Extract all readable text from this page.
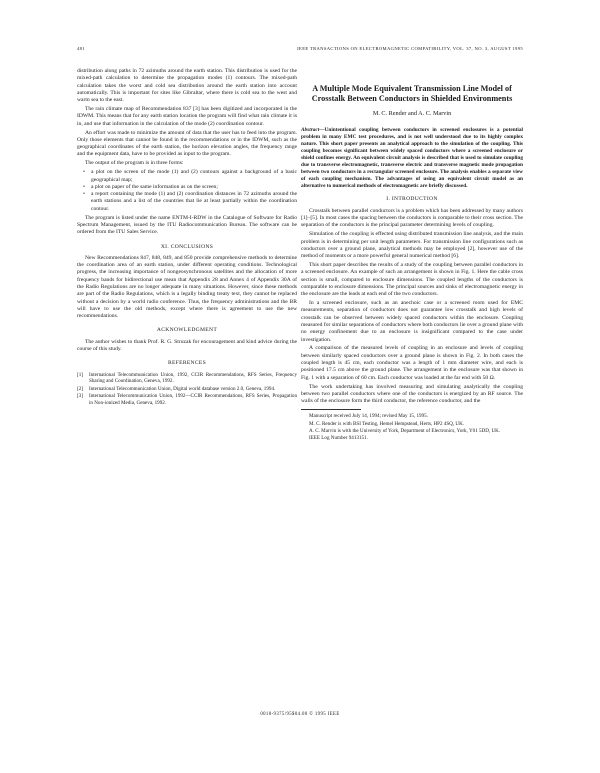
481	IEEE TRANSACTIONS ON ELECTROMAGNETIC COMPATIBILITY, VOL. 37, NO. 3, AUGUST 1995

distribution along paths in 72 azimuths around the earth station. This distribution is used for the mixed-path calculation to determine the propagation modes (1) contours. The mixed-path calculation takes the worst and cold sea distribution around the earth station into account automatically. This is important for sites like Gibraltar, where there is cold sea to the west and warm sea to the east.

The rain climate map of Recommendation 837 [3] has been digitized and incorporated in the IDWM. This means that for any earth station location the program will find what rain climate it is in, and use that information in the calculation of the mode (2) coordination contour.

An effort was made to minimize the amount of data that the user has to feed into the program. Only those elements that cannot be found in the recommendations or in the IDWM, such as the geographical coordinates of the earth station, the horizon elevation angles, the frequency range and the equipment data, have to be provided as input to the program.

The output of the program is in three forms:

• a plot on the screen of the mode (1) and (2) contours against a background of a basic geographical map;
• a plot on paper of the same information as on the screen;
• a report containing the mode (1) and (2) coordination distances in 72 azimuths around the earth stations and a list of the countries that lie at least partially within the coordination contour.

The program is listed under the name ENTM-I-RDW in the Catalogue of Software for Radio Spectrum Management, issued by the ITU Radiocommunication Bureau. The software can be ordered from the ITU Sales Service.

XI. CONCLUSIONS

New Recommendations 847, 848, 849, and 850 provide comprehensive methods to determine the coordination area of an earth station, under different operating conditions. Technological progress, the increasing importance of nongeosynchronous satellites and the allocation of more frequency bands for bidirectional use mean that Appendix 28 and Annex 4 of Appendix 30A of the Radio Regulations are no longer adequate in many situations. However, since these methods are part of the Radio Regulations, which is a legally binding treaty text, they cannot be replaced without a decision by a world radio conference. Thus, the frequency administrations and the BR will have to use the old methods, except where there is agreement to use the new recommendations.

ACKNOWLEDGMENT

The author wishes to thank Prof. R. G. Struzak for encouragement and kind advice during the course of this study.

REFERENCES
[1]	International Telecommunication Union, 1992, CCIR Recommendations, RFS Series, Frequency Sharing and Coordination, Geneva, 1992.
[2]	International Telecommunication Union, Digital world database version 2.0, Geneva, 1994.
[3]	International Telecommunication Union, 1992—CCIR Recommendations, RFS Series, Propagation in Non-ionized Media, Geneva, 1992.
A Multiple Mode Equivalent Transmission Line Model of Crosstalk Between Conductors in Shielded Environments
M. C. Render and A. C. Marvin
Abstract—Unintentional coupling between conductors in screened enclosures is a potential problem in many EMC test procedures, and is not well understood due to its highly complex nature. This short paper presents an analytical approach to the simulation of the coupling. This coupling becomes significant between widely spaced conductors where a screened enclosure or shield confines energy. An equivalent circuit analysis is described that is used to simulate coupling due to transverse electromagnetic, transverse electric and transverse magnetic mode propagation between two conductors in a rectangular screened enclosure. The analysis enables a separate view of each coupling mechanism. The advantages of using an equivalent circuit model as an alternative to numerical methods of electromagnetic are briefly discussed.
I. INTRODUCTION

Crosstalk between parallel conductors is a problem which has been addressed by many authors [1]–[5]. In most cases the spacing between the conductors is comparable to their cross section. The separation of the conductors is the principal parameter determining levels of coupling.

Simulation of the coupling is effected using distributed transmission line analysis, and the main problem is in determining per unit length parameters. For transmission line configurations such as conductors over a ground plane, analytical methods may be employed [2], however use of the method of moments or a more powerful general numerical method [6].

This short paper describes the results of a study of the coupling between parallel conductors in a screened enclosure. An example of such an arrangement is shown in Fig. 1. Here the cable cross section is small, compared to enclosure dimensions. The coupled lengths of the conductors is comparable to enclosure dimensions. The principal sources and sinks of electromagnetic energy in the enclosure are the leads at each end of the two conductors.

In a screened enclosure, such as an anechoic case or a screened room used for EMC measurements, separation of conductors does not guarantee low crosstalk and high levels of crosstalk can be observed between widely spaced conductors within the enclosure. Coupling measured for similar separations of conductors where both conductors lie over a ground plane with no energy confinement due to an enclosure is insignificant compared to the case under investigation.

A comparison of the measured levels of coupling in an enclosure and levels of coupling between similarly spaced conductors over a ground plane is shown in Fig. 2. In both cases the coupled length is 45 cm, each conductor was a length of 1 mm diameter wire, and each is positioned 17.5 cm above the ground plane. The arrangement in the enclosure was that shown in Fig. 1 with a separation of 60 cm. Each conductor was loaded at the far end with 50 Ω.

The work undertaking has involved measuring and simulating analytically the coupling between two parallel conductors where one of the conductors is energized by an RF source. The walls of the enclosure form the third conductor, the reference conductor, and the

Manuscript received July 14, 1994; revised May 15, 1995.

M. C. Render is with BSI Testing, Hemel Hempstead, Herts, HP2 4SQ, UK.

A. C. Marvin is with the University of York, Department of Electronics, York, Y01 5DD, UK.

IEEE Log Number 9413151.

0018-9375/95$04.00 © 1995 IEEE
